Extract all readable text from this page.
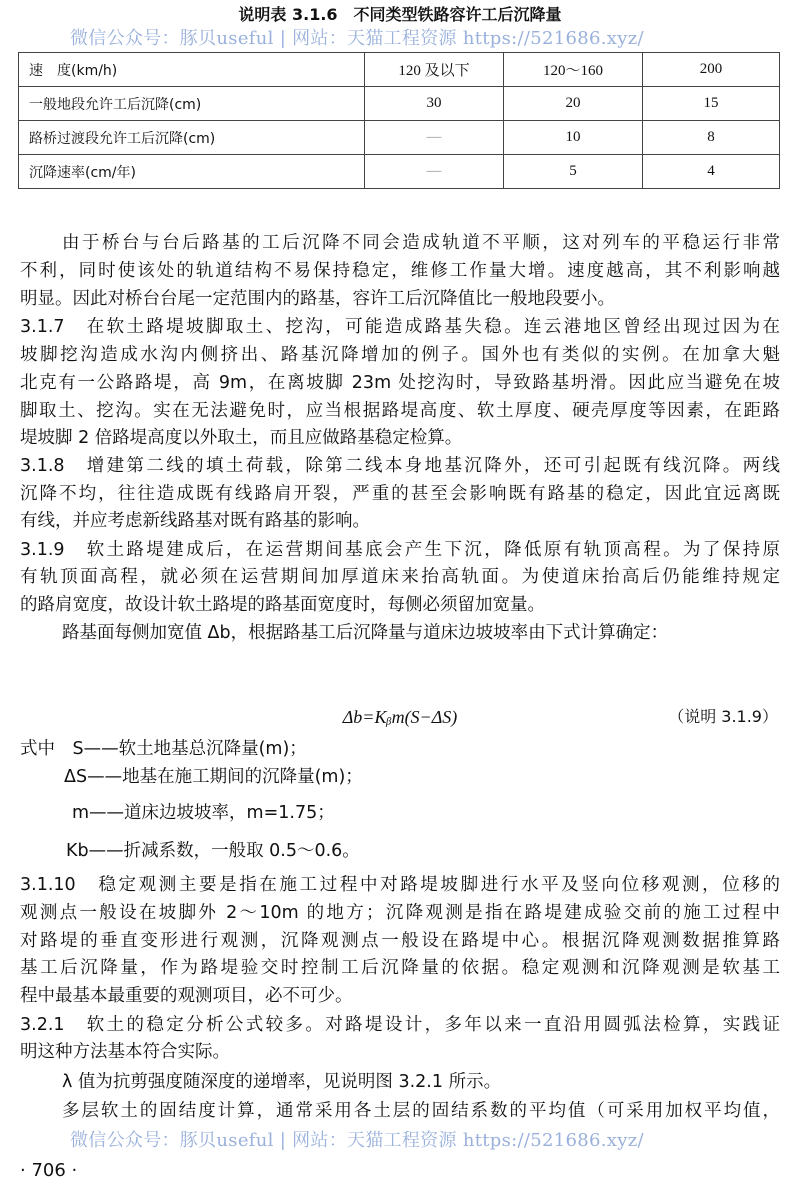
说明表 3.1.6　不同类型铁路容许工后沉降量
微信公众号：豚贝useful | 网站：天猫工程资源 https://521686.xyz/
速　度(km/h)	120 及以下	120～160	200
一般地段允许工后沉降(cm)	30	20	15
路桥过渡段允许工后沉降(cm)	—	10	8
沉降速率(cm/年)	—	5	4
由于桥台与台后路基的工后沉降不同会造成轨道不平顺，这对列车的平稳运行非常
不利，同时使该处的轨道结构不易保持稳定，维修工作量大增。速度越高，其不利影响越
明显。因此对桥台台尾一定范围内的路基，容许工后沉降值比一般地段要小。
3.1.7　在软土路堤坡脚取土、挖沟，可能造成路基失稳。连云港地区曾经出现过因为在
坡脚挖沟造成水沟内侧挤出、路基沉降增加的例子。国外也有类似的实例。在加拿大魁
北克有一公路路堤，高 9m，在离坡脚 23m 处挖沟时，导致路基坍滑。因此应当避免在坡
脚取土、挖沟。实在无法避免时，应当根据路堤高度、软土厚度、硬壳厚度等因素，在距路
堤坡脚 2 倍路堤高度以外取土，而且应做路基稳定检算。
3.1.8　增建第二线的填土荷载，除第二线本身地基沉降外，还可引起既有线沉降。两线
沉降不均，往往造成既有线路肩开裂，严重的甚至会影响既有路基的稳定，因此宜远离既
有线，并应考虑新线路基对既有路基的影响。
3.1.9　软土路堤建成后，在运营期间基底会产生下沉，降低原有轨顶高程。为了保持原
有轨顶面高程，就必须在运营期间加厚道床来抬高轨面。为使道床抬高后仍能维持规定
的路肩宽度，故设计软土路堤的路基面宽度时，每侧必须留加宽量。
路基面每侧加宽值 Δb，根据路基工后沉降量与道床边坡坡率由下式计算确定：
Δb=Kᵦm(S−ΔS)	（说明 3.1.9）
式中　S——软土地基总沉降量(m)；
ΔS——地基在施工期间的沉降量(m)；
m——道床边坡坡率，m=1.75；
Kb——折减系数，一般取 0.5～0.6。
3.1.10　稳定观测主要是指在施工过程中对路堤坡脚进行水平及竖向位移观测，位移的
观测点一般设在坡脚外 2～10m 的地方；沉降观测是指在路堤建成验交前的施工过程中
对路堤的垂直变形进行观测，沉降观测点一般设在路堤中心。根据沉降观测数据推算路
基工后沉降量，作为路堤验交时控制工后沉降量的依据。稳定观测和沉降观测是软基工
程中最基本最重要的观测项目，必不可少。
3.2.1　软土的稳定分析公式较多。对路堤设计，多年以来一直沿用圆弧法检算，实践证
明这种方法基本符合实际。
λ 值为抗剪强度随深度的递增率，见说明图 3.2.1 所示。
多层软土的固结度计算，通常采用各土层的固结系数的平均值（可采用加权平均值，
微信公众号：豚贝useful | 网站：天猫工程资源 https://521686.xyz/
· 706 ·
